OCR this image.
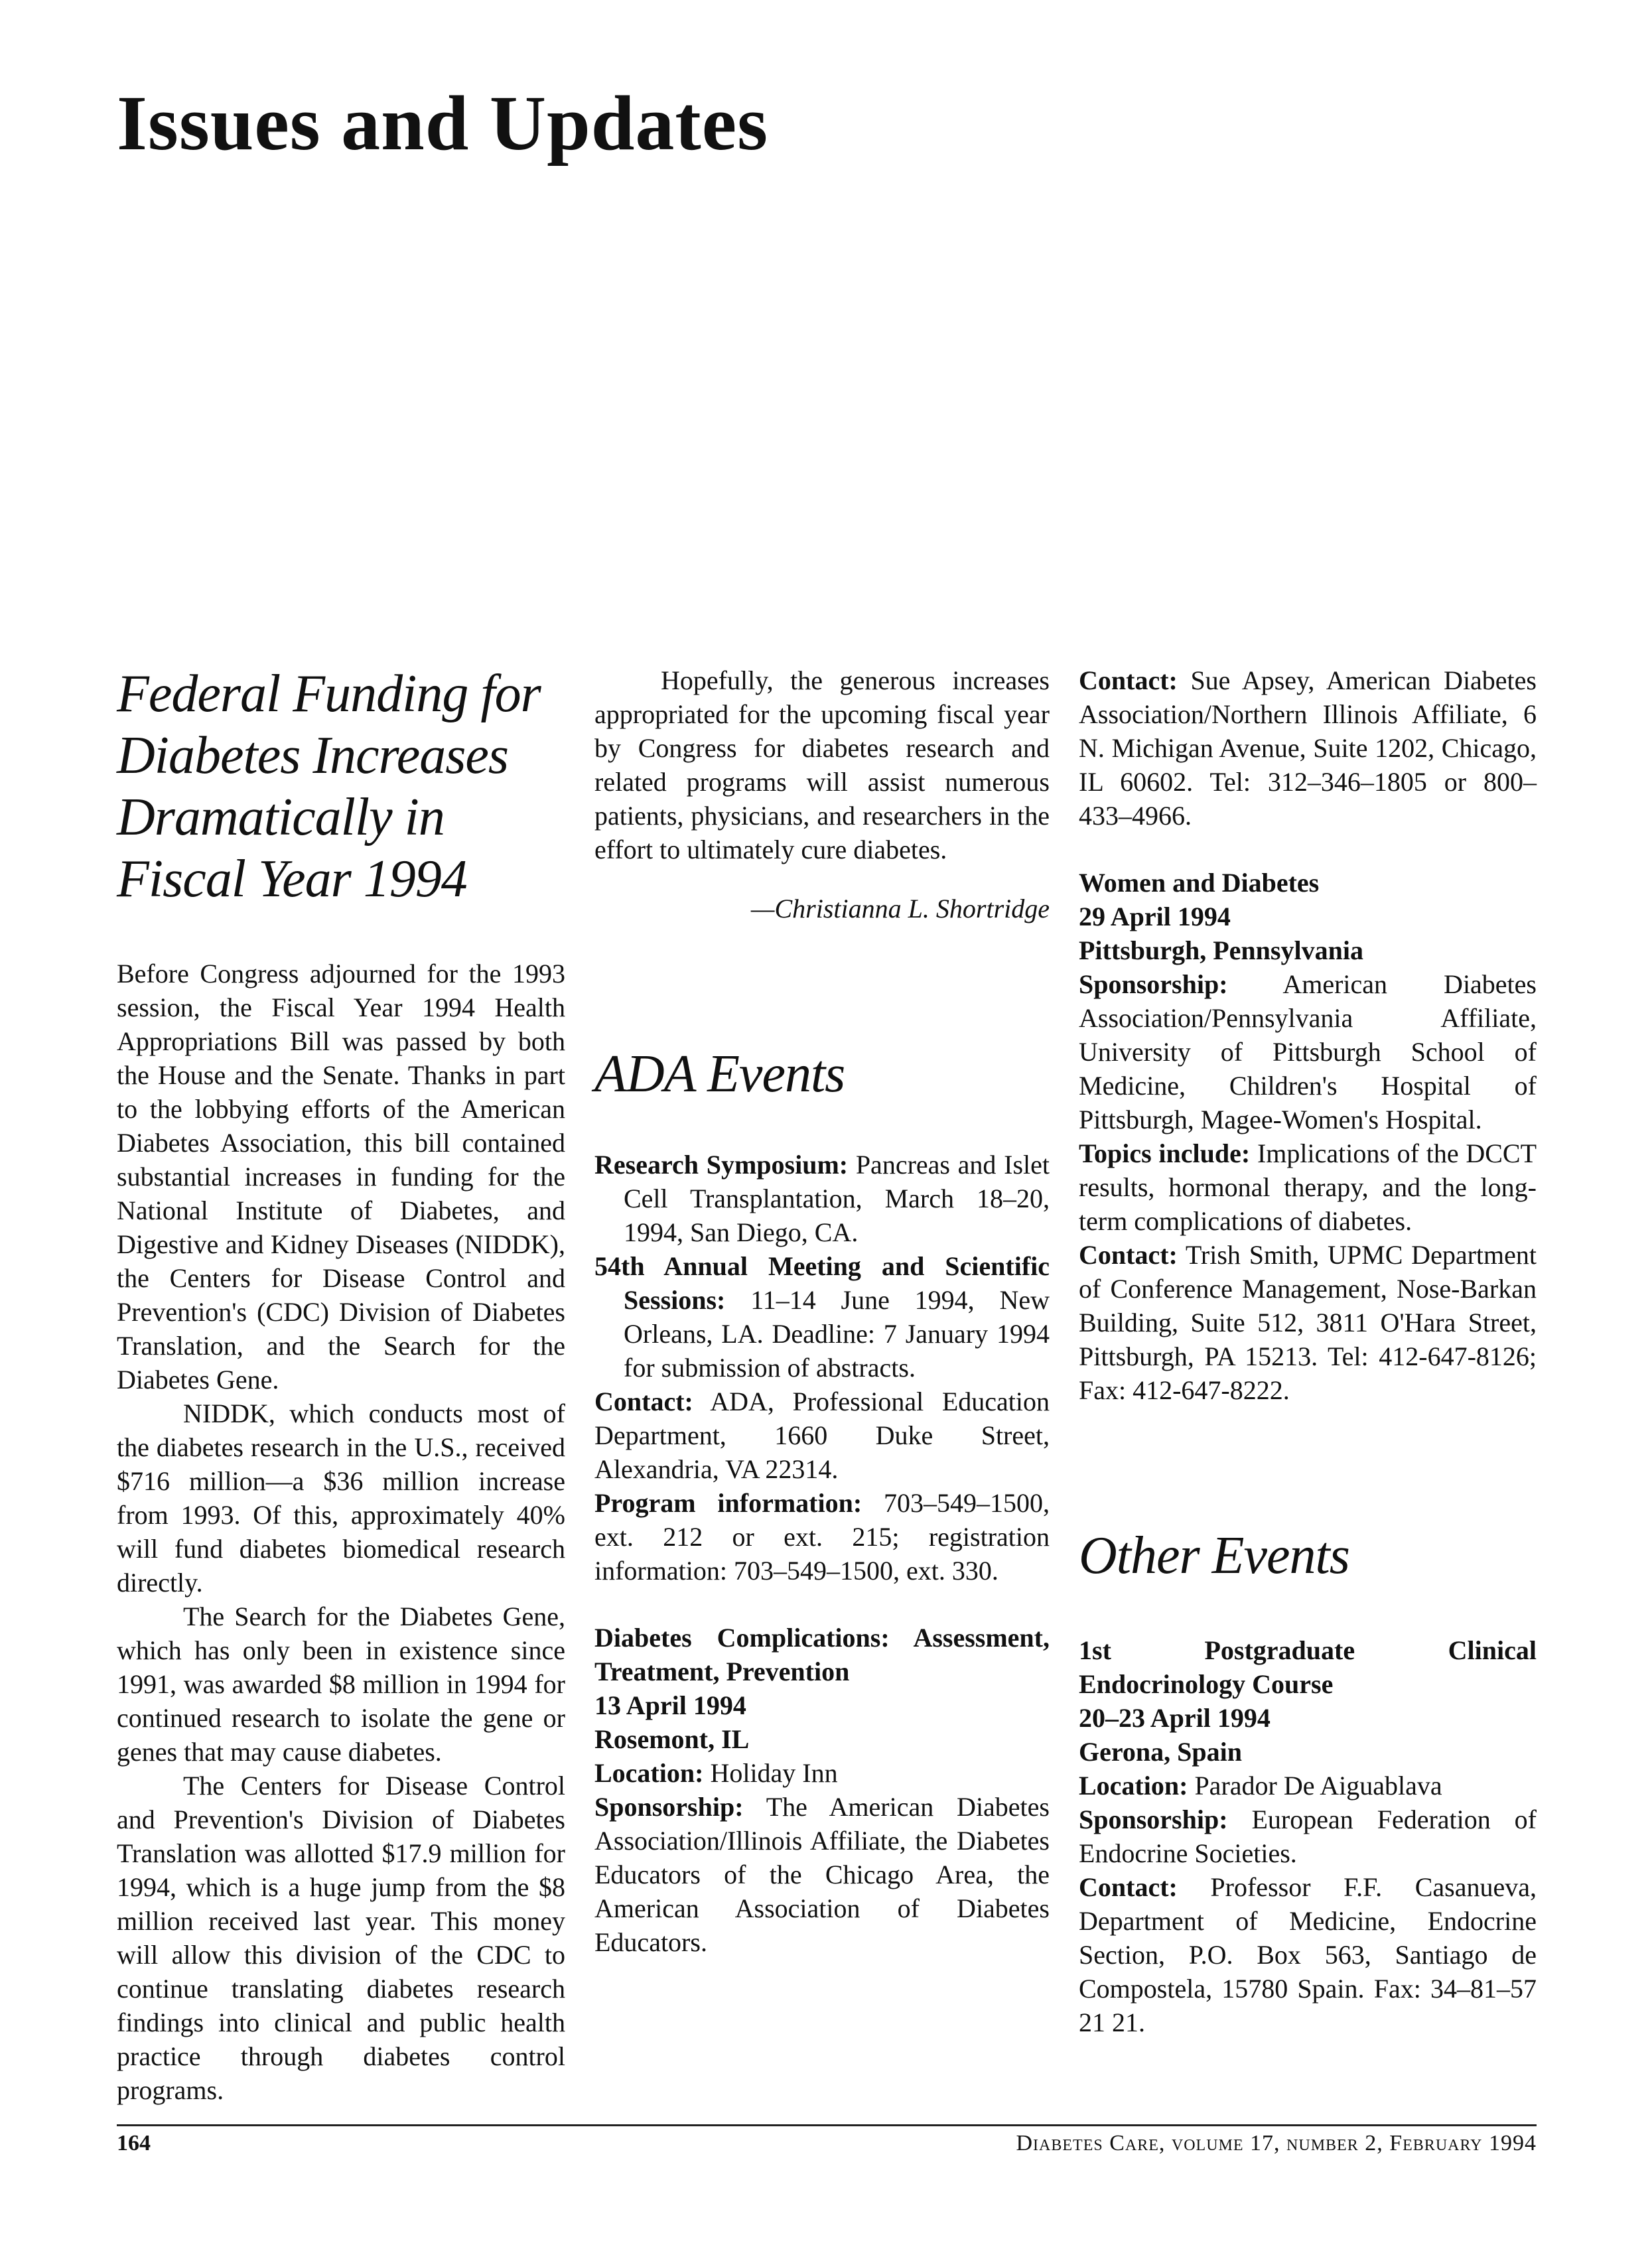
Issues and Updates
Federal Funding for
Diabetes Increases
Dramatically in
Fiscal Year 1994

Before Congress adjourned for the 1993 session, the Fiscal Year 1994 Health Appropriations Bill was passed by both the House and the Senate. Thanks in part to the lobbying efforts of the American Diabetes Association, this bill contained substantial increases in funding for the National Institute of Diabetes, and Digestive and Kidney Diseases (NIDDK), the Centers for Disease Control and Prevention's (CDC) Division of Diabetes Translation, and the Search for the Diabetes Gene.

NIDDK, which conducts most of the diabetes research in the U.S., received $716 million—a $36 million increase from 1993. Of this, approximately 40% will fund diabetes biomedical research directly.

The Search for the Diabetes Gene, which has only been in existence since 1991, was awarded $8 million in 1994 for continued research to isolate the gene or genes that may cause diabetes.

The Centers for Disease Control and Prevention's Division of Diabetes Translation was allotted $17.9 million for 1994, which is a huge jump from the $8 million received last year. This money will allow this division of the CDC to continue translating diabetes research findings into clinical and public health practice through diabetes control programs.

Hopefully, the generous increases appropriated for the upcoming fiscal year by Congress for diabetes research and related programs will assist numerous patients, physicians, and researchers in the effort to ultimately cure diabetes.

—Christianna L. Shortridge
ADA Events
Research Symposium: Pancreas and Islet Cell Transplantation, March 18–20, 1994, San Diego, CA.
54th Annual Meeting and Scientific Sessions: 11–14 June 1994, New Orleans, LA. Deadline: 7 January 1994 for submission of abstracts.
Contact: ADA, Professional Education Department, 1660 Duke Street, Alexandria, VA 22314.
Program information: 703–549–1500, ext. 212 or ext. 215; registration information: 703–549–1500, ext. 330.
Diabetes Complications: Assessment, Treatment, Prevention
13 April 1994
Rosemont, IL
Location: Holiday Inn
Sponsorship: The American Diabetes Association/Illinois Affiliate, the Diabetes Educators of the Chicago Area, the American Association of Diabetes Educators.
Contact: Sue Apsey, American Diabetes Association/Northern Illinois Affiliate, 6 N. Michigan Avenue, Suite 1202, Chicago, IL 60602. Tel: 312–346–1805 or 800–433–4966.
Women and Diabetes
29 April 1994
Pittsburgh, Pennsylvania
Sponsorship: American Diabetes Association/Pennsylvania Affiliate, University of Pittsburgh School of Medicine, Children's Hospital of Pittsburgh, Magee-Women's Hospital.
Topics include: Implications of the DCCT results, hormonal therapy, and the long-term complications of diabetes.
Contact: Trish Smith, UPMC Department of Conference Management, Nose-Barkan Building, Suite 512, 3811 O'Hara Street, Pittsburgh, PA 15213. Tel: 412-647-8126; Fax: 412-647-8222.
Other Events
1st Postgraduate Clinical Endocrinology Course
20–23 April 1994
Gerona, Spain
Location: Parador De Aiguablava
Sponsorship: European Federation of Endocrine Societies.
Contact: Professor F.F. Casanueva, Department of Medicine, Endocrine Section, P.O. Box 563, Santiago de Compostela, 15780 Spain. Fax: 34–81–57 21 21.
164	Diabetes Care, volume 17, number 2, February 1994
